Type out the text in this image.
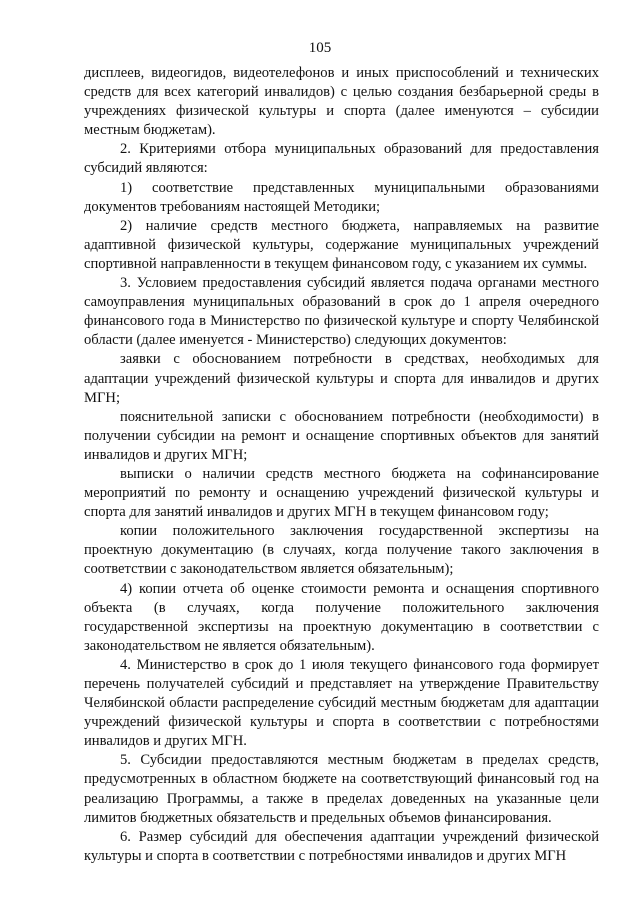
105

дисплеев, видеогидов, видеотелефонов и иных приспособлений и технических средств для всех категорий инвалидов) с целью создания безбарьерной среды в учреждениях физической культуры и спорта (далее именуются – субсидии местным бюджетам).

2. Критериями отбора муниципальных образований для предоставления субсидий являются:

1) соответствие представленных муниципальными образованиями документов требованиям настоящей Методики;

2) наличие средств местного бюджета, направляемых на развитие адаптивной физической культуры, содержание муниципальных учреждений спортивной направленности в текущем финансовом году, с указанием их суммы.

3. Условием предоставления субсидий является подача органами местного самоуправления муниципальных образований в срок до 1 апреля очередного финансового года в Министерство по физической культуре и спорту Челябинской области (далее именуется - Министерство) следующих документов:

заявки с обоснованием потребности в средствах, необходимых для адаптации учреждений физической культуры и спорта для инвалидов и других МГН;

пояснительной записки с обоснованием потребности (необходимости) в получении субсидии на ремонт и оснащение спортивных объектов для занятий инвалидов и других МГН;

выписки о наличии средств местного бюджета на софинансирование мероприятий по ремонту и оснащению учреждений физической культуры и спорта для занятий инвалидов и других МГН в текущем финансовом году;

копии положительного заключения государственной экспертизы на проектную документацию (в случаях, когда получение такого заключения в соответствии с законодательством является обязательным);

4) копии отчета об оценке стоимости ремонта и оснащения спортивного объекта (в случаях, когда получение положительного заключения государственной экспертизы на проектную документацию в соответствии с законодательством не является обязательным).

4. Министерство в срок до 1 июля текущего финансового года формирует перечень получателей субсидий и представляет на утверждение Правительству Челябинской области распределение субсидий местным бюджетам для адаптации учреждений физической культуры и спорта в соответствии с потребностями инвалидов и других МГН.

5. Субсидии предоставляются местным бюджетам в пределах средств, предусмотренных в областном бюджете на соответствующий финансовый год на реализацию Программы, а также в пределах доведенных на указанные цели лимитов бюджетных обязательств и предельных объемов финансирования.

6. Размер субсидий для обеспечения адаптации учреждений физической культуры и спорта в соответствии с потребностями инвалидов и других МГН
